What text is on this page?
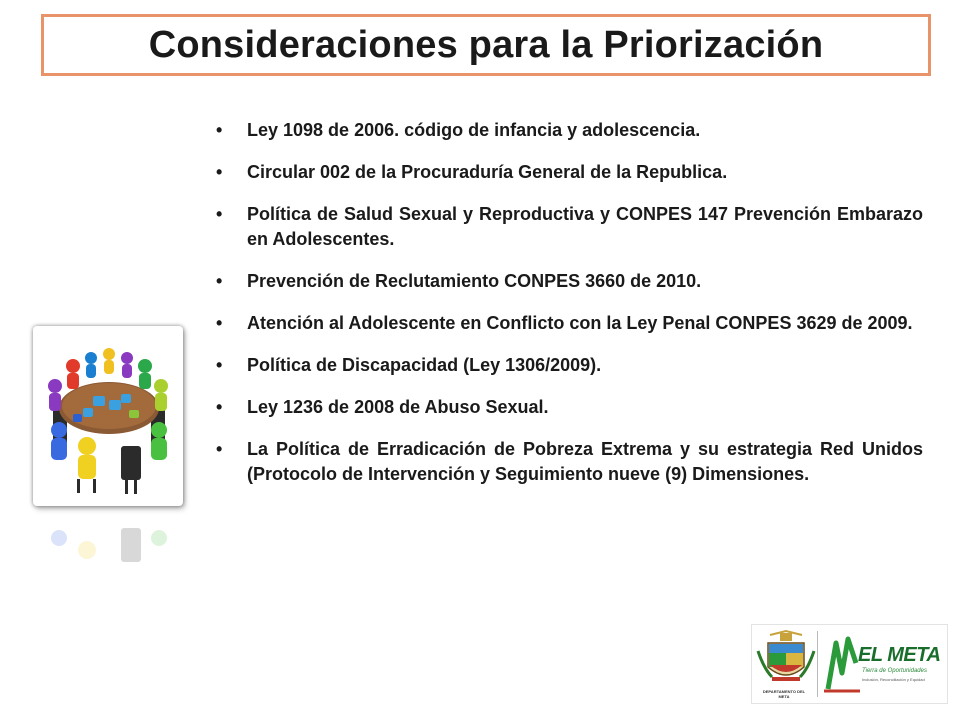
Consideraciones para la Priorización
• Ley 1098 de 2006. código de infancia y adolescencia.
• Circular 002 de la Procuraduría General de la Republica.
• Política de Salud Sexual y Reproductiva y CONPES 147 Prevención Embarazo en Adolescentes.
• Prevención de Reclutamiento CONPES 3660 de 2010.
• Atención al Adolescente en Conflicto con la Ley Penal CONPES 3629 de 2009.
• Política de Discapacidad (Ley 1306/2009).
• Ley 1236 de 2008 de Abuso Sexual.
• La Política de Erradicación de Pobreza Extrema y su estrategia Red Unidos (Protocolo de Intervención y Seguimiento nueve (9) Dimensiones.
DEPARTAMENTO DEL META
EL META
Tierra de Oportunidades
Inclusión, Reconciliación y Equidad
